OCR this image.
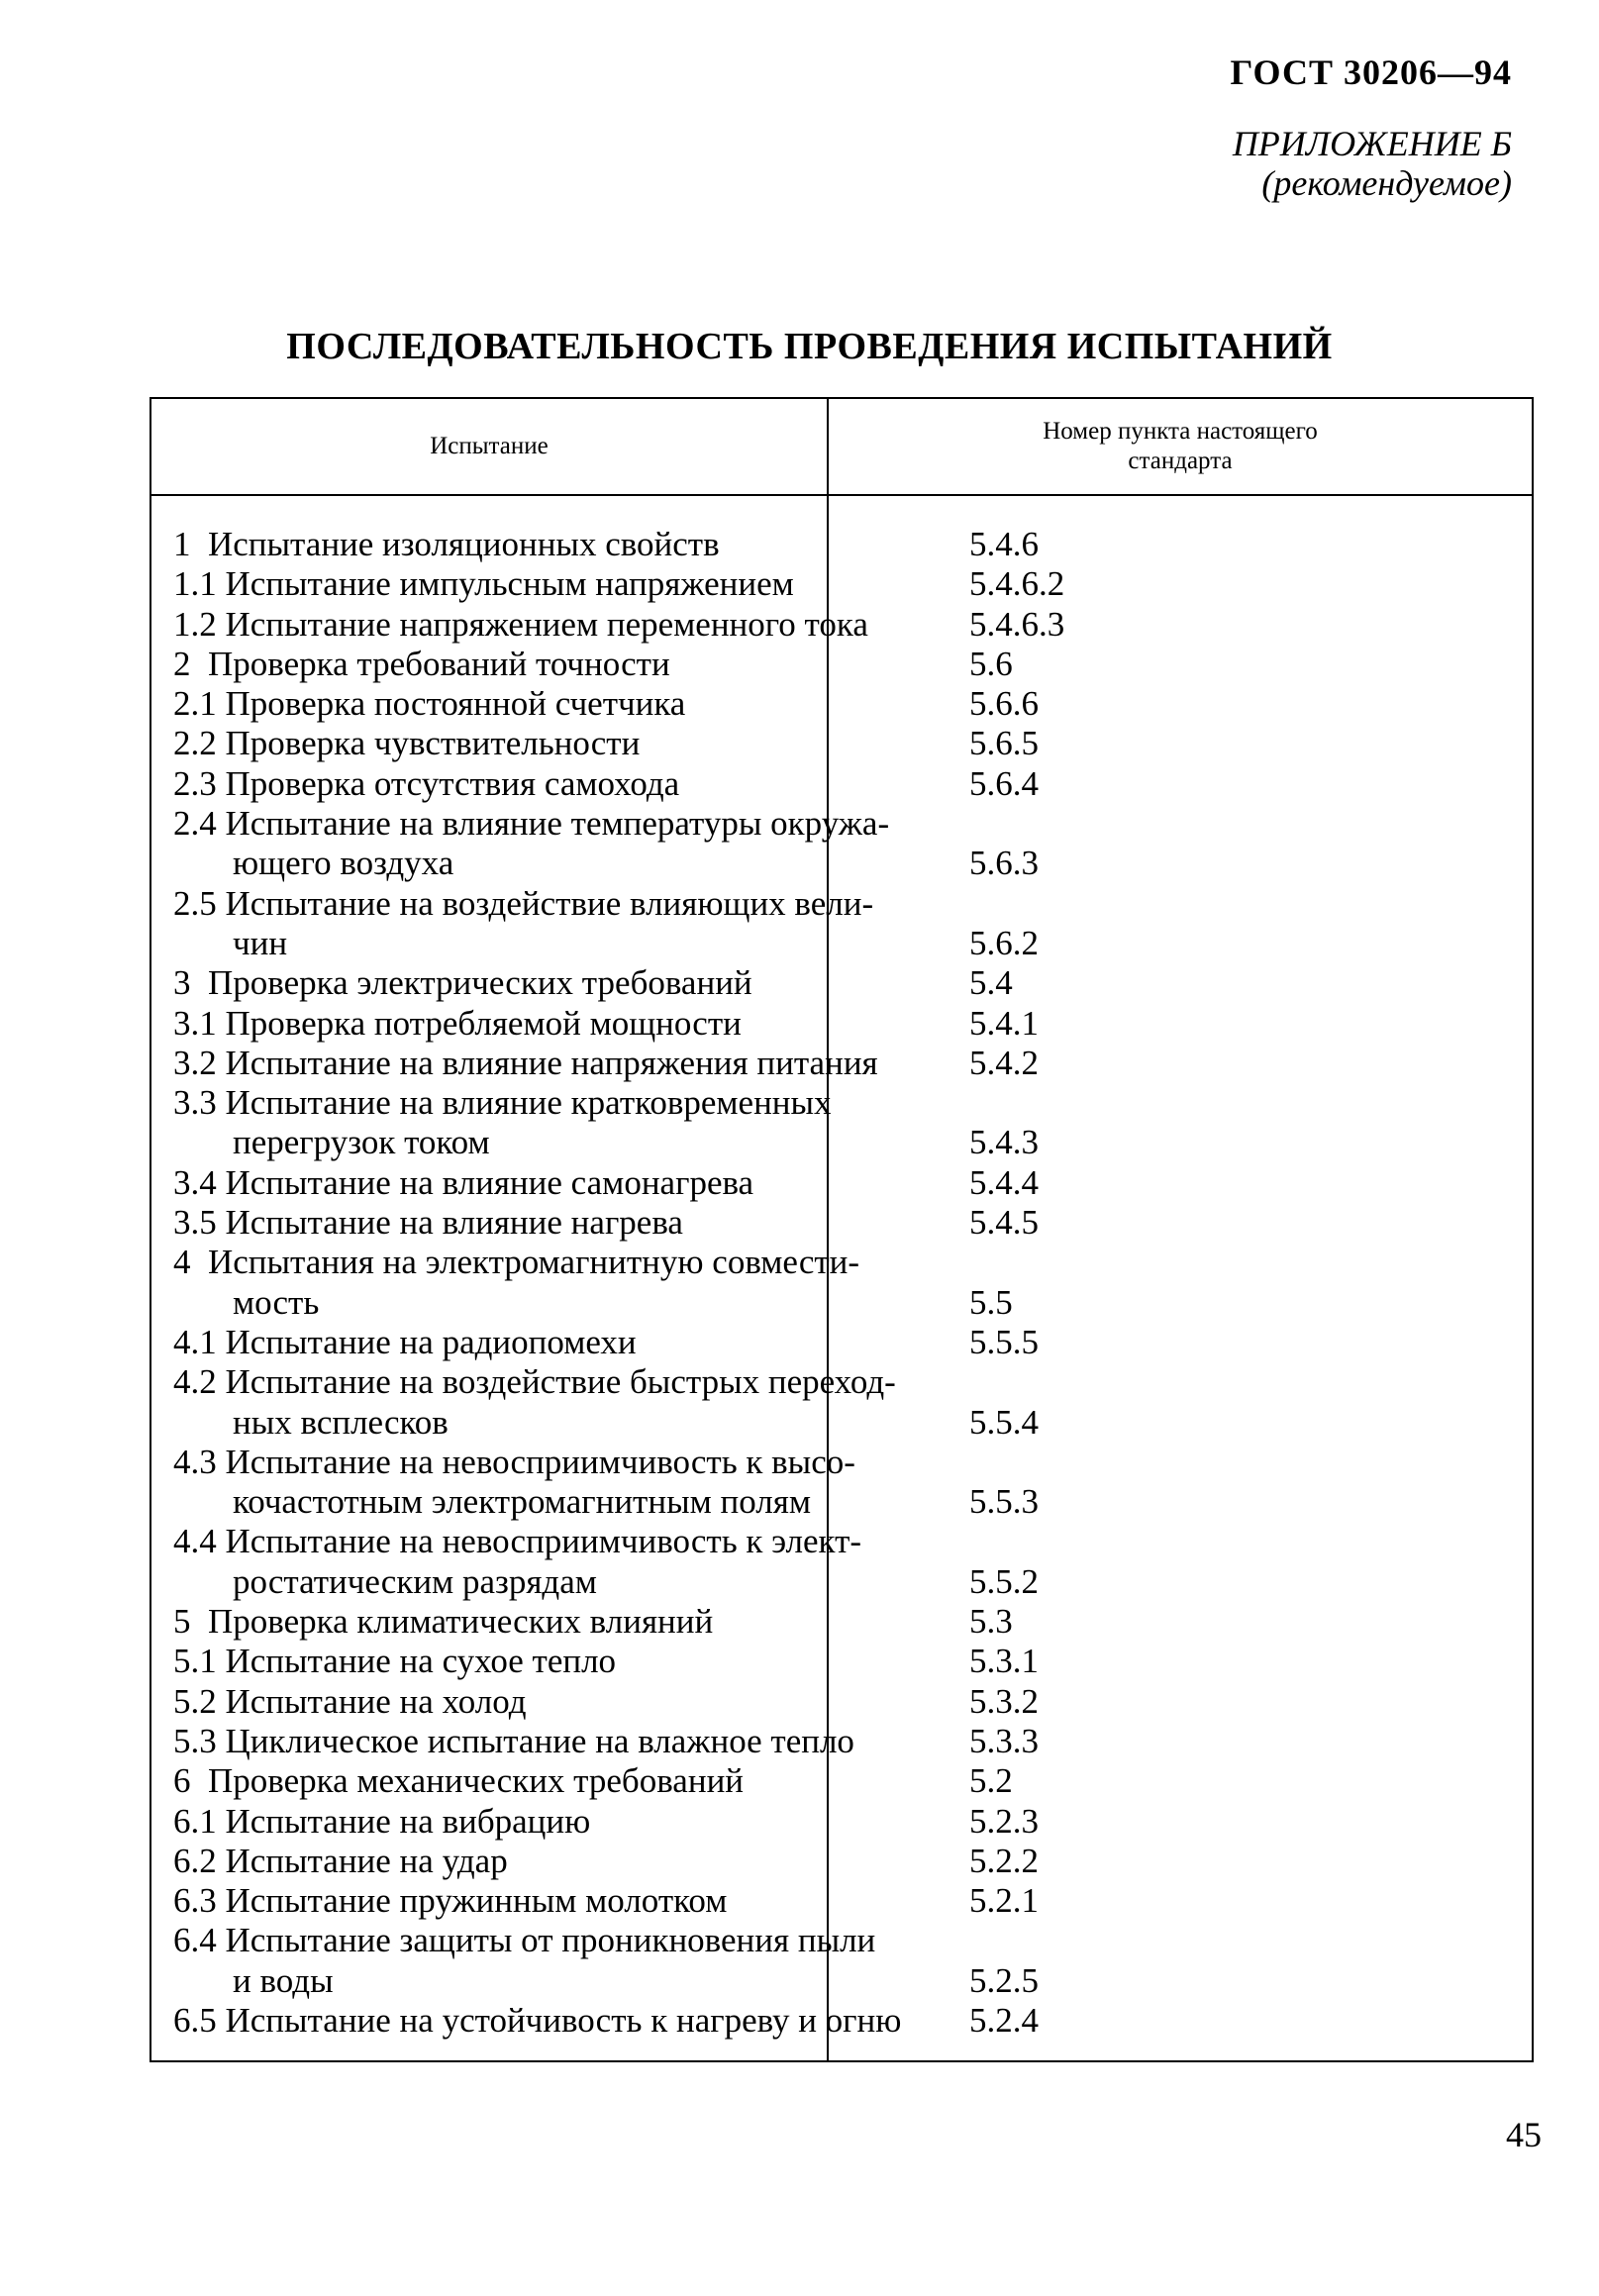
ГОСТ 30206—94
ПРИЛОЖЕНИЕ Б
(рекомендуемое)
ПОСЛЕДОВАТЕЛЬНОСТЬ ПРОВЕДЕНИЯ ИСПЫТАНИЙ
Испытание
Номер пункта настоящего
стандарта
1  Испытание изоляционных свойств	5.4.6
1.1 Испытание импульсным напряжением	5.4.6.2
1.2 Испытание напряжением переменного тока	5.4.6.3
2  Проверка требований точности	5.6
2.1 Проверка постоянной счетчика	5.6.6
2.2 Проверка чувствительности	5.6.5
2.3 Проверка отсутствия самохода	5.6.4
2.4 Испытание на влияние температуры окружа-
ющего воздуха	5.6.3
2.5 Испытание на воздействие влияющих вели-
чин	5.6.2
3  Проверка электрических требований	5.4
3.1 Проверка потребляемой мощности	5.4.1
3.2 Испытание на влияние напряжения питания	5.4.2
3.3 Испытание на влияние кратковременных
перегрузок током	5.4.3
3.4 Испытание на влияние самонагрева	5.4.4
3.5 Испытание на влияние нагрева	5.4.5
4  Испытания на электромагнитную совмести-
мость	5.5
4.1 Испытание на радиопомехи	5.5.5
4.2 Испытание на воздействие быстрых переход-
ных всплесков	5.5.4
4.3 Испытание на невосприимчивость к высо-
кочастотным электромагнитным полям	5.5.3
4.4 Испытание на невосприимчивость к элект-
ростатическим разрядам	5.5.2
5  Проверка климатических влияний	5.3
5.1 Испытание на сухое тепло	5.3.1
5.2 Испытание на холод	5.3.2
5.3 Циклическое испытание на влажное тепло	5.3.3
6  Проверка механических требований	5.2
6.1 Испытание на вибрацию	5.2.3
6.2 Испытание на удар	5.2.2
6.3 Испытание пружинным молотком	5.2.1
6.4 Испытание защиты от проникновения пыли
и воды	5.2.5
6.5 Испытание на устойчивость к нагреву и огню	5.2.4
45
